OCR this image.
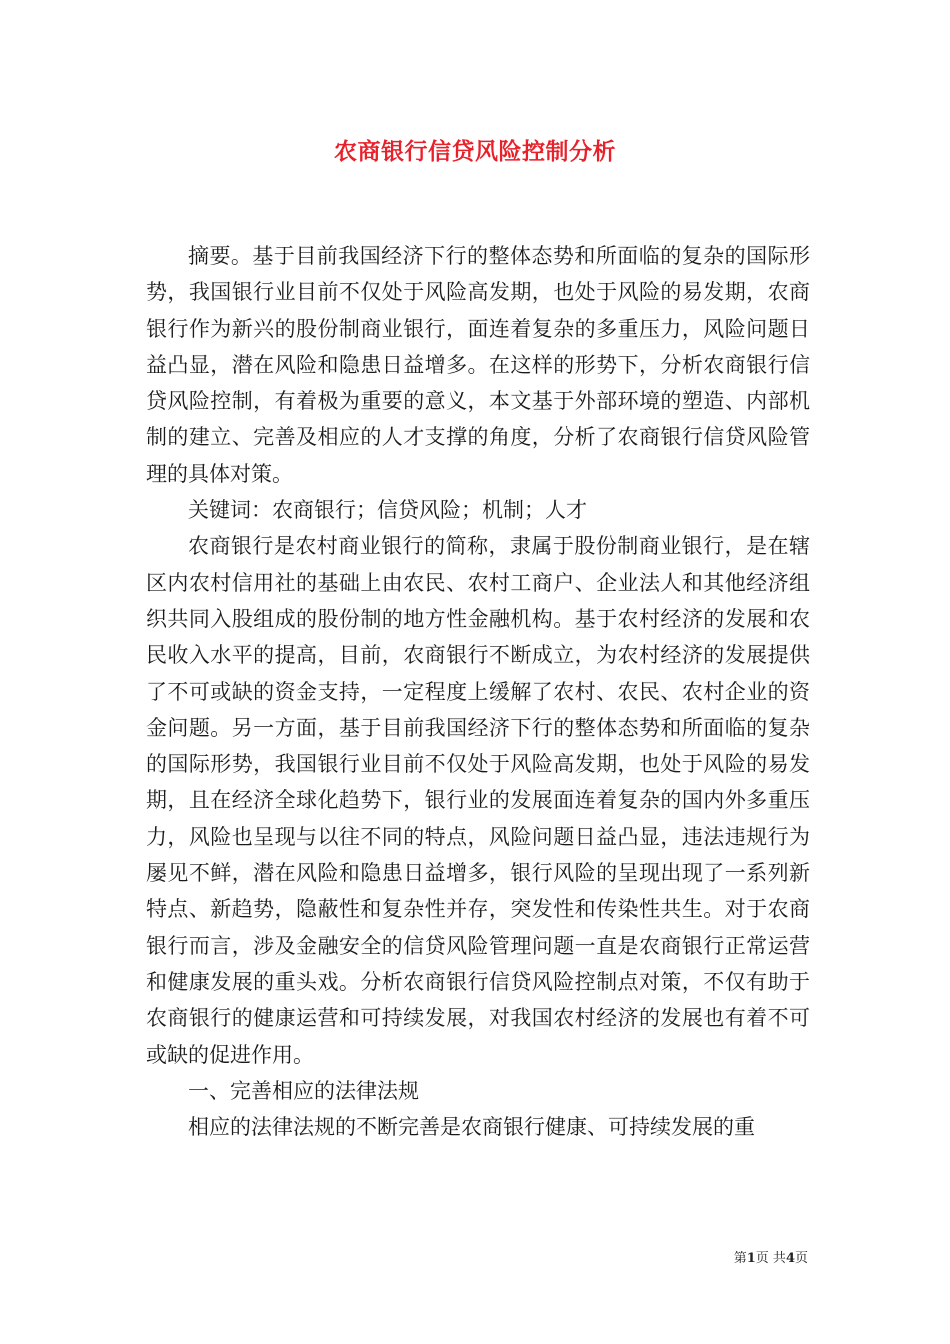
农商银行信贷风险控制分析

摘要。基于目前我国经济下行的整体态势和所面临的复杂的国际形势，我国银行业目前不仅处于风险高发期，也处于风险的易发期，农商银行作为新兴的股份制商业银行，面连着复杂的多重压力，风险问题日益凸显，潜在风险和隐患日益增多。在这样的形势下，分析农商银行信贷风险控制，有着极为重要的意义，本文基于外部环境的塑造、内部机制的建立、完善及相应的人才支撑的角度，分析了农商银行信贷风险管理的具体对策。

关键词：农商银行；信贷风险；机制；人才

农商银行是农村商业银行的简称，隶属于股份制商业银行，是在辖区内农村信用社的基础上由农民、农村工商户、企业法人和其他经济组织共同入股组成的股份制的地方性金融机构。基于农村经济的发展和农民收入水平的提高，目前，农商银行不断成立，为农村经济的发展提供了不可或缺的资金支持，一定程度上缓解了农村、农民、农村企业的资金问题。另一方面，基于目前我国经济下行的整体态势和所面临的复杂的国际形势，我国银行业目前不仅处于风险高发期，也处于风险的易发期，且在经济全球化趋势下，银行业的发展面连着复杂的国内外多重压力，风险也呈现与以往不同的特点，风险问题日益凸显，违法违规行为屡见不鲜，潜在风险和隐患日益增多，银行风险的呈现出现了一系列新特点、新趋势，隐蔽性和复杂性并存，突发性和传染性共生。对于农商银行而言，涉及金融安全的信贷风险管理问题一直是农商银行正常运营和健康发展的重头戏。分析农商银行信贷风险控制点对策，不仅有助于农商银行的健康运营和可持续发展，对我国农村经济的发展也有着不可或缺的促进作用。

一、完善相应的法律法规

相应的法律法规的不断完善是农商银行健康、可持续发展的重

第1页 共4页
